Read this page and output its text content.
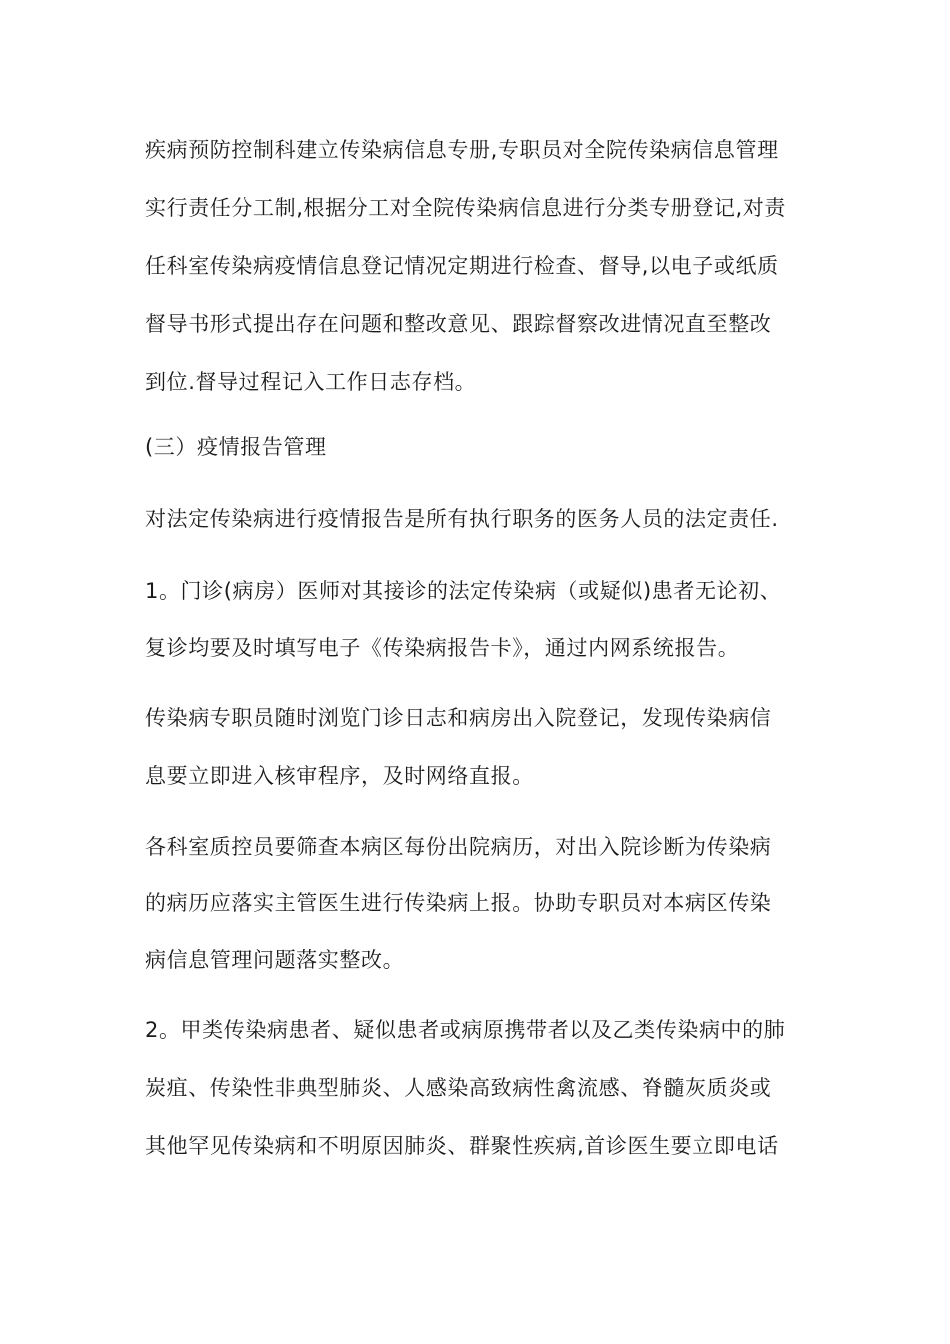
疾病预防控制科建立传染病信息专册,专职员对全院传染病信息管理
实行责任分工制,根据分工对全院传染病信息进行分类专册登记,对责
任科室传染病疫情信息登记情况定期进行检查、督导,以电子或纸质
督导书形式提出存在问题和整改意见、跟踪督察改进情况直至整改
到位.督导过程记入工作日志存档。
(三）疫情报告管理
对法定传染病进行疫情报告是所有执行职务的医务人员的法定责任.
1。门诊(病房）医师对其接诊的法定传染病（或疑似)患者无论初、
复诊均要及时填写电子《传染病报告卡》，通过内网系统报告。
传染病专职员随时浏览门诊日志和病房出入院登记，发现传染病信
息要立即进入核审程序，及时网络直报。
各科室质控员要筛查本病区每份出院病历，对出入院诊断为传染病
的病历应落实主管医生进行传染病上报。协助专职员对本病区传染
病信息管理问题落实整改。
2。甲类传染病患者、疑似患者或病原携带者以及乙类传染病中的肺
炭疽、传染性非典型肺炎、人感染高致病性禽流感、脊髓灰质炎或
其他罕见传染病和不明原因肺炎、群聚性疾病,首诊医生要立即电话
